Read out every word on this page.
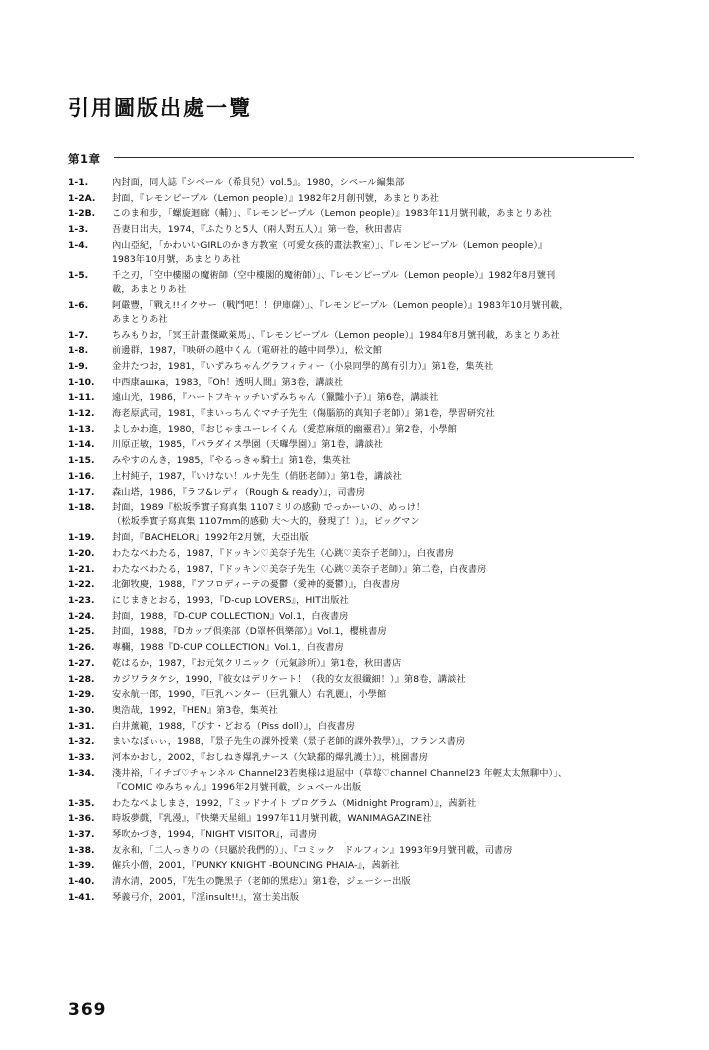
引用圖版出處一覽
第1章
1-1.	內封面，同人誌『シベール（希貝兒）vol.5』。1980，シベール編集部
1-2A.	封面，『レモンピープル（Lemon people）』1982年2月創刊號，あまとりあ社
1-2B.	このま和步，「螺旋迴廊（輔）」、『レモンピープル（Lemon people）』1983年11月號刊載，あまとりあ社
1-3.	吾妻日出夫，1974，『ふたりと5人（兩人對五人）』第一卷，秋田書店
1-4.	內山亞紀，「かわいいGIRLのかき方教室（可愛女孩的畫法教室）」、『レモンピープル（Lemon people）』
1983年10月號，あまとりあ社
1-5.	千之刃，「空中樓閣の魔術師（空中樓閣的魔術師）」、『レモンピープル（Lemon people）』1982年8月號刊
載，あまとりあ社
1-6.	阿嚴豐，「戰え!!イクサー（戰鬥吧！！伊庫薩）」、『レモンピープル（Lemon people）』1983年10月號刊載，
あまとりあ社
1-7.	ちみもりお，「冥王計畫傑歐萊馬」、『レモンピープル（Lemon people）』1984年8月號刊載，あまとりあ社
1-8.	前邊群，1987，『映研の越中くん（電研社的越中同學）』，松文館
1-9.	金井たつお，1981，『いずみちゃんグラフィティー（小泉同學的萬有引力）』第1卷，集英社
1-10.	中西康ашка，1983，『Oh！透明人間』第3卷，講談社
1-11.	遠山光，1986，『ハートフキャッチいずみちゃん（獵豔小子）』第6卷，講談社
1-12.	海老原武司，1981，『まいっちんぐマチ子先生（傷腦筋的真知子老師）』第1卷，學習研究社
1-13.	よしかわ進，1980，『おじゃまユーレイくん（愛惹麻煩的幽靈君）』第2卷，小學館
1-14.	川原正敏，1985，『パラダイス學園（天囉學園）』第1卷，講談社
1-15.	みやすのんき，1985，『やるっきゃ騎士』第1卷，集英社
1-16.	上村純子，1987，『いけない！ルナ先生（俏胚老師）』第1卷，講談社
1-17.	森山塔，1986，『ラフ&レディ（Rough & ready）』，司書房
1-18.	封面，1989『松坂季實子寫真集 1107ミリの感動 でっかーいの、めっけ！
（松坂季實子寫真集 1107mm的感動 大～大的，發現了！）』，ビッグマン
1-19.	封面，『BACHELOR』1992年2月號，大亞出版
1-20.	わたなべわたる，1987，『ドッキン♡美奈子先生（心跳♡美奈子老師）』，白夜書房
1-21.	わたなべわたる，1987，『ドッキン♡美奈子先生（心跳♡美奈子老師）』第二卷，白夜書房
1-22.	北御牧慶，1988，『アフロディーテの憂鬱（愛神的憂鬱）』，白夜書房
1-23.	にじまきとおる，1993，『D-cup LOVERS』，HIT出版社
1-24.	封面，1988，『D-CUP COLLECTION』Vol.1，白夜書房
1-25.	封面，1988，『Dカップ倶楽部（D罩杯俱樂部）』Vol.1，櫻桃書房
1-26.	專欄，1988『D-CUP COLLECTION』Vol.1，白夜書房
1-27.	乾はるか，1987，『お元気クリニック（元氣診所）』第1卷，秋田書店
1-28.	カジワラタケシ，1990，『彼女はデリケート！（我的女友很纖細！）』第8卷，講談社
1-29.	安永航一郎，1990，『巨乳ハンター（巨乳獵人）右乳麗』，小學館
1-30.	奥浩哉，1992，『HEN』第3卷，集英社
1-31.	白井薰範，1988，『ぴす・どおる（Piss doll）』，白夜書房
1-32.	まいなぼぃぃ，1988，『景子先生の課外授業（景子老師的課外教學）』，フランス書房
1-33.	河本かおし，2002，『おしねき爆乳ナース（欠缺鄱的爆乳護士）』，桃園書房
1-34.	淺井裕，「イチゴ♡チャンネル Channel23若奥様は退屈中（草莓♡channel Channel23 年輕太太無聊中）」、
『COMIC ゆみちゃん』1996年2月號刊載，シュベール出版
1-35.	わたなべよしまさ，1992，『ミッドナイト プログラム（Midnight Program）』，茜新社
1-36.	時坂夢戲，『乳漫』，『快樂天星組』1997年11月號刊載，WANIMAGAZINE社
1-37.	琴吹かづき，1994，『NIGHT VISITOR』，司書房
1-38.	友永和，「二人っきりの（只屬於我們的）」、『コミック　ドルフィン』1993年9月號刊載，司書房
1-39.	僱兵小僧，2001，『PUNKY KNIGHT -BOUNCING PHAIA-』，茜新社
1-40.	清水清，2005，『先生の艷黑子（老師的黑痣）』第1卷，ジェーシー出版
1-41.	琴義弓介，2001，『淫insult!!』，富士美出版
369
